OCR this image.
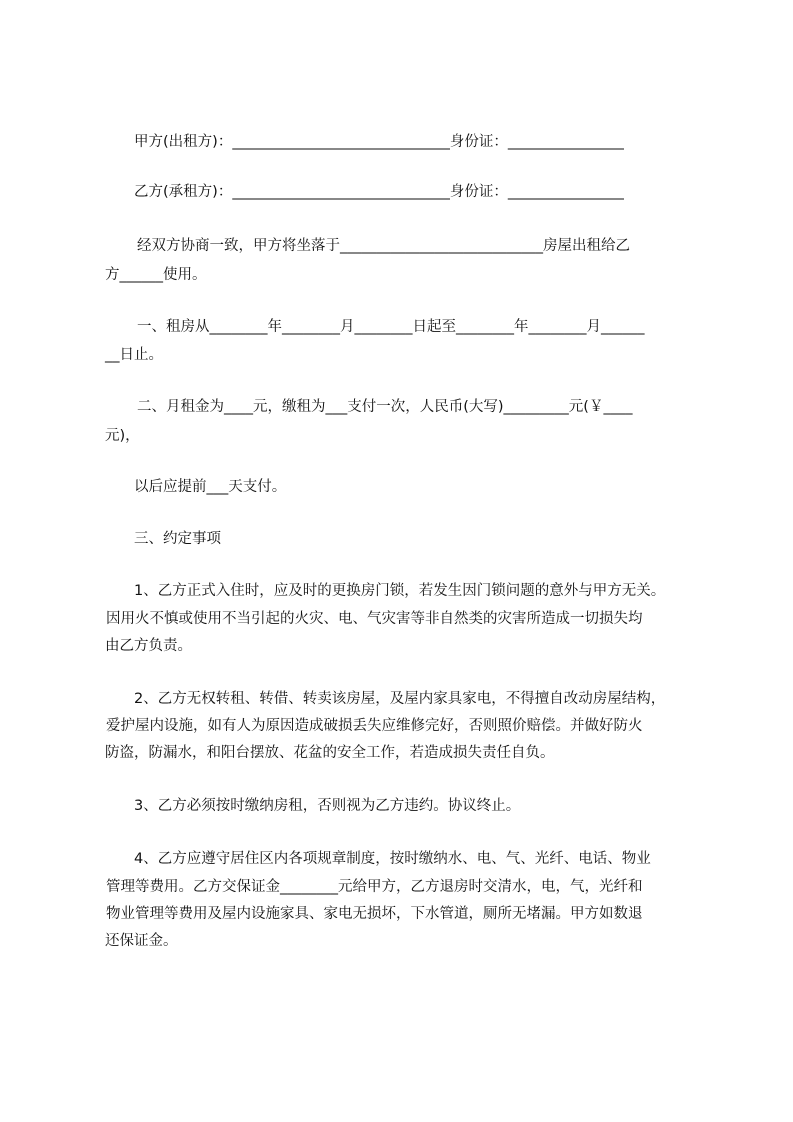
甲方(出租方)：______________________________身份证：________________
乙方(承租方)：______________________________身份证：________________
经双方协商一致，甲方将坐落于____________________________房屋出租给乙
方______使用。
一、租房从________年________月________日起至________年________月______
__日止。
二、月租金为____元，缴租为___支付一次，人民币(大写)_________元(￥____
元)，
以后应提前___天支付。
三、约定事项
1、乙方正式入住时，应及时的更换房门锁，若发生因门锁问题的意外与甲方无关。
因用火不慎或使用不当引起的火灾、电、气灾害等非自然类的灾害所造成一切损失均
由乙方负责。
2、乙方无权转租、转借、转卖该房屋，及屋内家具家电，不得擅自改动房屋结构，
爱护屋内设施，如有人为原因造成破损丢失应维修完好，否则照价赔偿。并做好防火
防盗，防漏水，和阳台摆放、花盆的安全工作，若造成损失责任自负。
3、乙方必须按时缴纳房租，否则视为乙方违约。协议终止。
4、乙方应遵守居住区内各项规章制度，按时缴纳水、电、气、光纤、电话、物业
管理等费用。乙方交保证金________元给甲方，乙方退房时交清水，电，气，光纤和
物业管理等费用及屋内设施家具、家电无损坏，下水管道，厕所无堵漏。甲方如数退
还保证金。
